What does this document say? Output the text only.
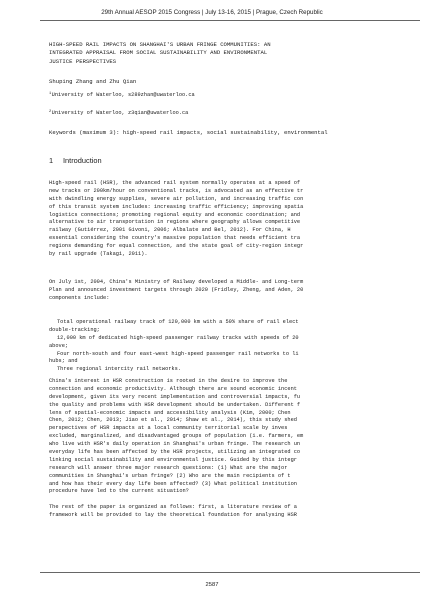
29th Annual AESOP 2015 Congress | July 13-16, 2015 | Prague, Czech Republic
HIGH-SPEED RAIL IMPACTS ON SHANGHAI'S URBAN FRINGE COMMUNITIES: AN
INTEGRATED APPRAISAL FROM SOCIAL SUSTAINABILITY AND ENVIRONMENTAL
JUSTICE PERSPECTIVES
Shuping Zhang and Zhu Qian
$^1$University of Waterloo, s289zhan@uwaterloo.ca
$^2$University of Waterloo, z3qian@uwaterloo.ca
Keywords (maximum 3): high-speed rail impacts, social sustainability, environmental
1 Introduction
High-speed rail (HSR), the advanced rail system normally operates at a speed of
new tracks or 200km/hour on conventional tracks, is advocated as an effective tr
with dwindling energy supplies, severe air pollution, and increasing traffic con
of this transit system includes: increasing traffic efficiency; improving spatia
logistics connections; promoting regional equity and economic coordination; and
alternative to air transportation in regions where geography allows competitive
railway (Gutiérrez, 2001 Givoni, 2006; Albalate and Bel, 2012). For China, H
essential considering the country's massive population that needs efficient tra
regions demanding for equal connection, and the state goal of city-region integr
by rail upgrade (Takagi, 2011).
On July 1st, 2004, China's Ministry of Railway developed a Middle- and Long-term
Plan and announced investment targets through 2020 (Fridley, Zheng, and Aden, 20
components include:
Total operational railway track of 120,000 km with a 50% share of rail elect
double-tracking;
12,000 km of dedicated high-speed passenger railway tracks with speeds of 20
above;
Four north-south and four east-west high-speed passenger rail networks to li
hubs; and
Three regional intercity rail networks.
China's interest in HSR construction is rooted in the desire to improve the
connection and economic productivity. Although there are sound economic incent
development, given its very recent implementation and controversial impacts, fu
the quality and problems with HSR development should be undertaken. Different f
lens of spatial-economic impacts and accessibility analysis (Kim, 2000; Chen
Chen, 2012; Chen, 2013; Jiao et al., 2014; Shaw et al., 2014), this study shed
perspectives of HSR impacts at a local community territorial scale by inves
excluded, marginalized, and disadvantaged groups of population (i.e. farmers, em
who live with HSR's daily operation in Shanghai's urban fringe. The research un
everyday life has been affected by the HSR projects, utilizing an integrated co
linking social sustainability and environmental justice. Guided by this integr
research will answer three major research questions: (1) What are the major
communities in Shanghai's urban fringe? (2) Who are the main recipients of t
and how has their every day life been affected? (3) What political institution
procedure have led to the current situation?
The rest of the paper is organized as follows: first, a literature review of a
framework will be provided to lay the theoretical foundation for analysing HSR
2587
